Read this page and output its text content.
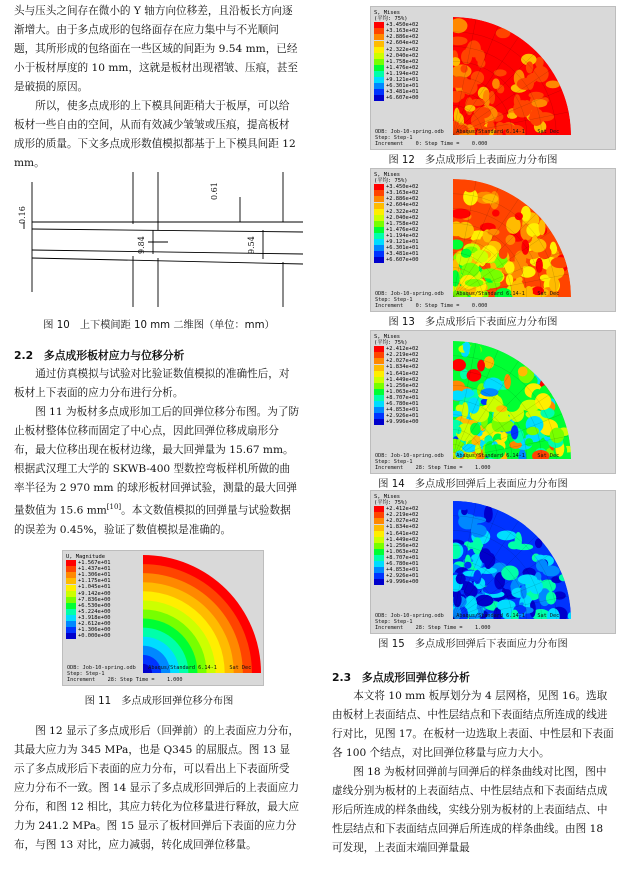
头与压头之间存在微小的 Y 轴方向位移差，且沿板长方向逐渐增大。由于多点成形的包络面存在应力集中与不光顺问题，其所形成的包络面在一些区域的间距为 9.54 mm，已经小于板材厚度的 10 mm，这就是板材出现褶皱、压痕，甚至是破损的原因。

所以，使多点成形的上下模具间距稍大于板厚，可以给板材一些自由的空间，从而有效减少皱皱或压痕，提高板材成形的质量。下文多点成形数值模拟都基于上下模具间距 12 mm。

0.16
0.61
9.84	9.54
图 10　上下模间距 10 mm 二维图（单位：mm）

2.2　多点成形板材应力与位移分析

通过仿真模拟与试验对比验证数值模拟的准确性后，对板材上下表面的应力分布进行分析。

图 11 为板材多点成形加工后的回弹位移分布图。为了防止板材整体位移而固定了中心点，因此回弹位移成扇形分布，最大位移出现在板材边缘，最大回弹量为 15.67 mm。根据武汉理工大学的 SKWB-400 型数控弯板样机所做的曲率半径为 2 970 mm 的球形板材回弹试验，测量的最大回弹量数值为 15.6 mm[10]。本文数值模拟的回弹量与试验数据的误差为 0.45%，验证了数值模拟是准确的。

U, Magnitude
+1.567e+01
+1.437e+01
+1.306e+01
+1.175e+01
+1.045e+01
+9.142e+00
+7.836e+00
+6.530e+00
+5.224e+00
+3.918e+00
+2.612e+00
+1.306e+00
+0.000e+00
ODB: Job-10-spring.odb    Abaqus/Standard 6.14-1    Sat Dec
Step: Step-1
Increment    28: Step Time =    1.000
图 11　多点成形回弹位移分布图

图 12 显示了多点成形后（回弹前）的上表面应力分布，其最大应力为 345 MPa，也是 Q345 的屈服点。图 13 显示了多点成形后下表面的应力分布，可以看出上下表面所受应力分布不一致。图 14 显示了多点成形回弹后的上表面应力分布，和图 12 相比，其应力转化为位移量进行释放，最大应力为 241.2 MPa。图 15 显示了板材回弹后下表面的应力分布，与图 13 对比，应力减弱，转化成回弹位移量。

S, Mises
(平均: 75%)
+3.450e+02
+3.163e+02
+2.886e+02
+2.604e+02
+2.322e+02
+2.040e+02
+1.758e+02
+1.476e+02
+1.194e+02
+9.121e+01
+6.301e+01
+3.481e+01
+6.607e+00
ODB: Job-10-spring.odb    Abaqus/Standard 6.14-1    Sat Dec
Step: Step-1
Increment    0: Step Time =    0.000
图 12　多点成形后上表面应力分布图
S, Mises
(平均: 75%)
+3.450e+02
+3.163e+02
+2.886e+02
+2.604e+02
+2.322e+02
+2.040e+02
+1.758e+02
+1.476e+02
+1.194e+02
+9.121e+01
+6.301e+01
+3.481e+01
+6.607e+00
ODB: Job-10-spring.odb    Abaqus/Standard 6.14-1    Sat Dec
Step: Step-1
Increment    0: Step Time =    0.000
图 13　多点成形后下表面应力分布图
S, Mises
(平均: 75%)
+2.412e+02
+2.219e+02
+2.027e+02
+1.834e+02
+1.641e+02
+1.449e+02
+1.256e+02
+1.063e+02
+8.707e+01
+6.780e+01
+4.853e+01
+2.926e+01
+9.996e+00
ODB: Job-10-spring.odb    Abaqus/Standard 6.14-1    Sat Dec
Step: Step-1
Increment    28: Step Time =    1.000
图 14　多点成形回弹后上表面应力分布图
S, Mises
(平均: 75%)
+2.412e+02
+2.219e+02
+2.027e+02
+1.834e+02
+1.641e+02
+1.449e+02
+1.256e+02
+1.063e+02
+8.707e+01
+6.780e+01
+4.853e+01
+2.926e+01
+9.996e+00
ODB: Job-10-spring.odb    Abaqus/Standard 6.14-1    Sat Dec
Step: Step-1
Increment    28: Step Time =    1.000
图 15　多点成形回弹后下表面应力分布图

2.3　多点成形回弹位移分析

本文将 10 mm 板厚划分为 4 层网格，见图 16。选取由板材上表面结点、中性层结点和下表面结点所连成的线进行对比，见图 17。在板材一边选取上表面、中性层和下表面各 100 个结点，对比回弹位移量与应力大小。

图 18 为板材回弹前与回弹后的样条曲线对比图，图中虚线分别为板材的上表面结点、中性层结点和下表面结点成形后所连成的样条曲线，实线分别为板材的上表面结点、中性层结点和下表面结点回弹后所连成的样条曲线。由图 18 可发现，上表面末端回弹量最
